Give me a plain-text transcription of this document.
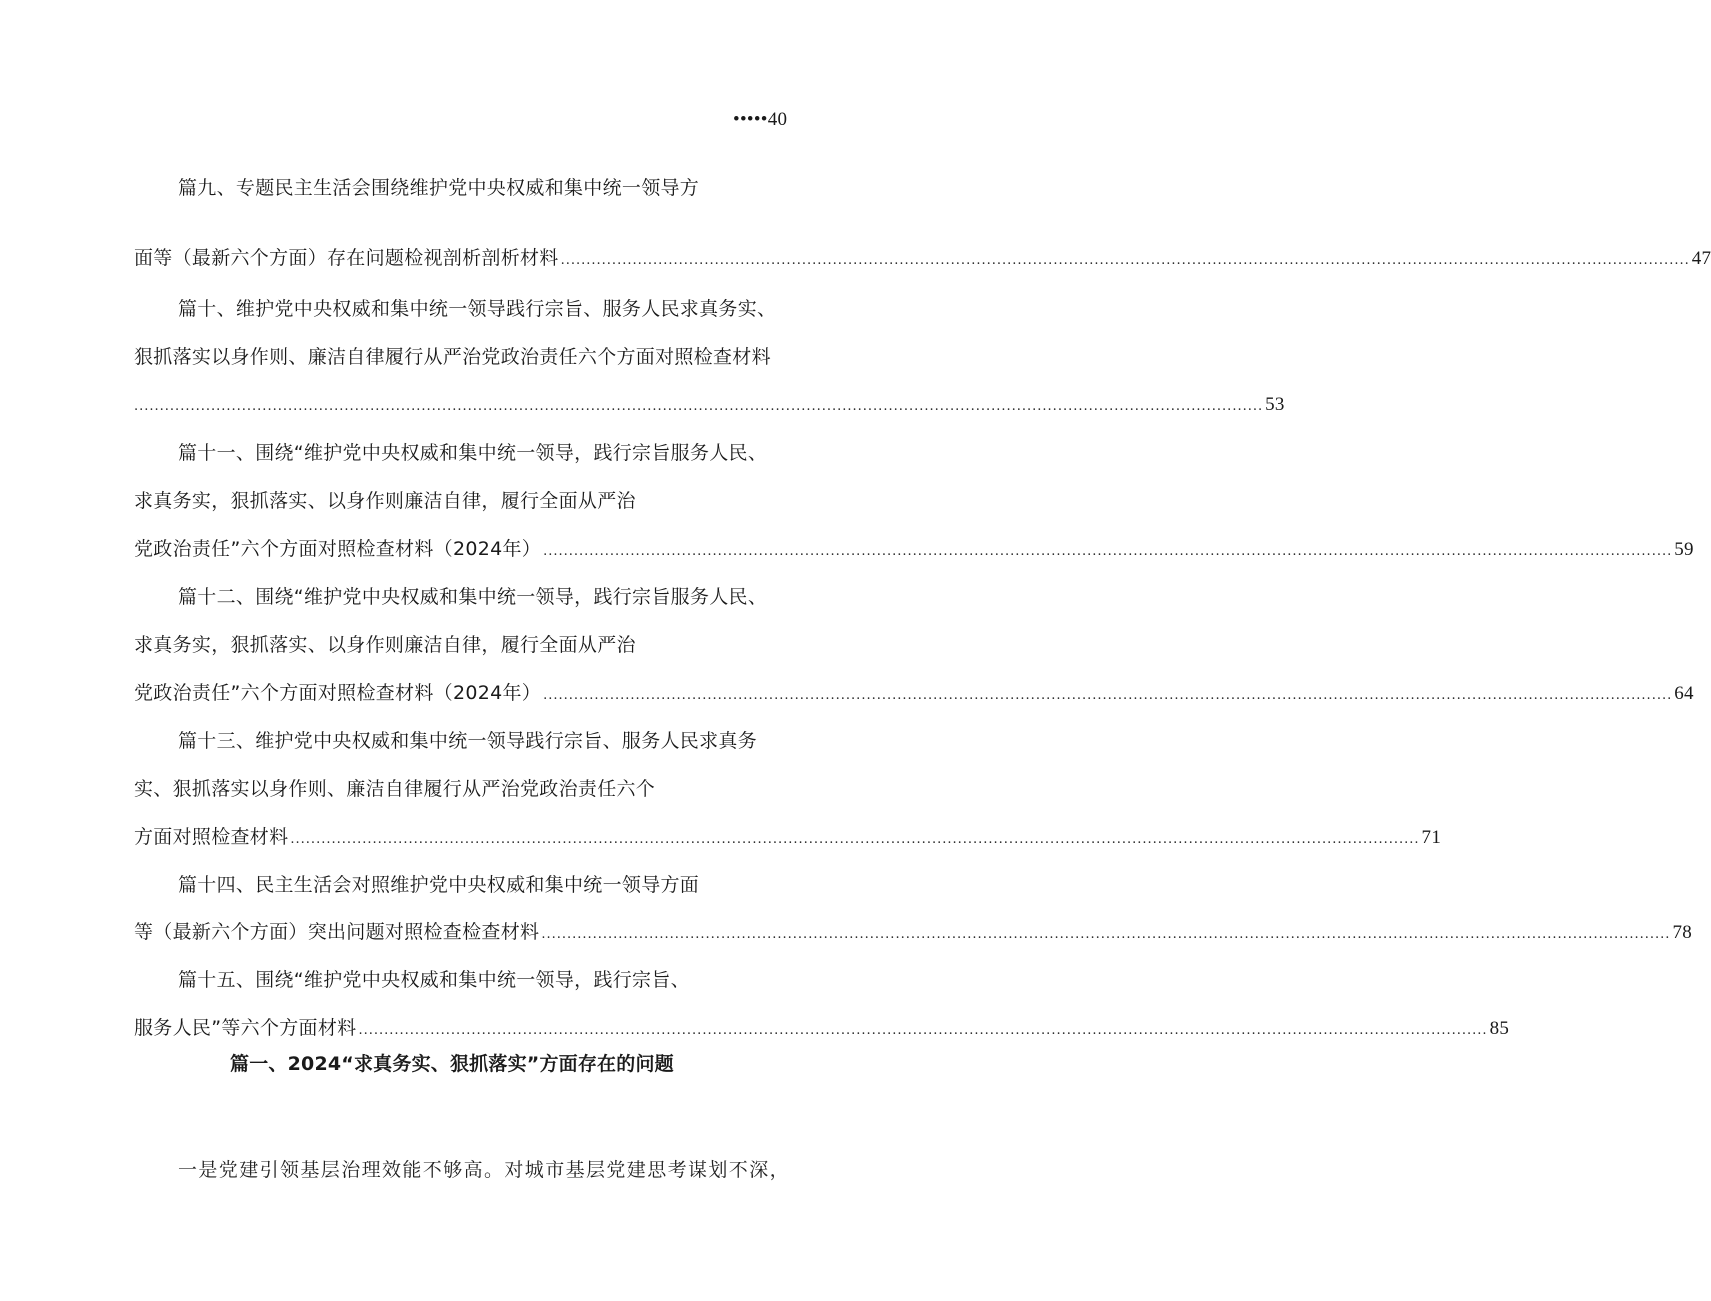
•••••40
篇九、专题民主生活会围绕维护党中央权威和集中统一领导方
面等（最新六个方面）存在问题检视剖析剖析材料 ............................................................................................................................................................................................................................ 47
篇十、维护党中央权威和集中统一领导践行宗旨、服务人民求真务实、
狠抓落实以身作则、廉洁自律履行从严治党政治责任六个方面对照检查材料
............................................................................................................................................................................................................................ 53
篇十一、围绕“维护党中央权威和集中统一领导，践行宗旨服务人民、
求真务实，狠抓落实、以身作则廉洁自律，履行全面从严治
党政治责任”六个方面对照检查材料（2024年） ............................................................................................................................................................................................................................ 59
篇十二、围绕“维护党中央权威和集中统一领导，践行宗旨服务人民、
求真务实，狠抓落实、以身作则廉洁自律，履行全面从严治
党政治责任”六个方面对照检查材料（2024年） ............................................................................................................................................................................................................................ 64
篇十三、维护党中央权威和集中统一领导践行宗旨、服务人民求真务
实、狠抓落实以身作则、廉洁自律履行从严治党政治责任六个
方面对照检查材料 ............................................................................................................................................................................................................................ 71
篇十四、民主生活会对照维护党中央权威和集中统一领导方面
等（最新六个方面）突出问题对照检查检查材料 ............................................................................................................................................................................................................................ 78
篇十五、围绕“维护党中央权威和集中统一领导，践行宗旨、
服务人民”等六个方面材料 ............................................................................................................................................................................................................................ 85
篇一、2024“求真务实、狠抓落实”方面存在的问题
一是党建引领基层治理效能不够高。对城市基层党建思考谋划不深，
